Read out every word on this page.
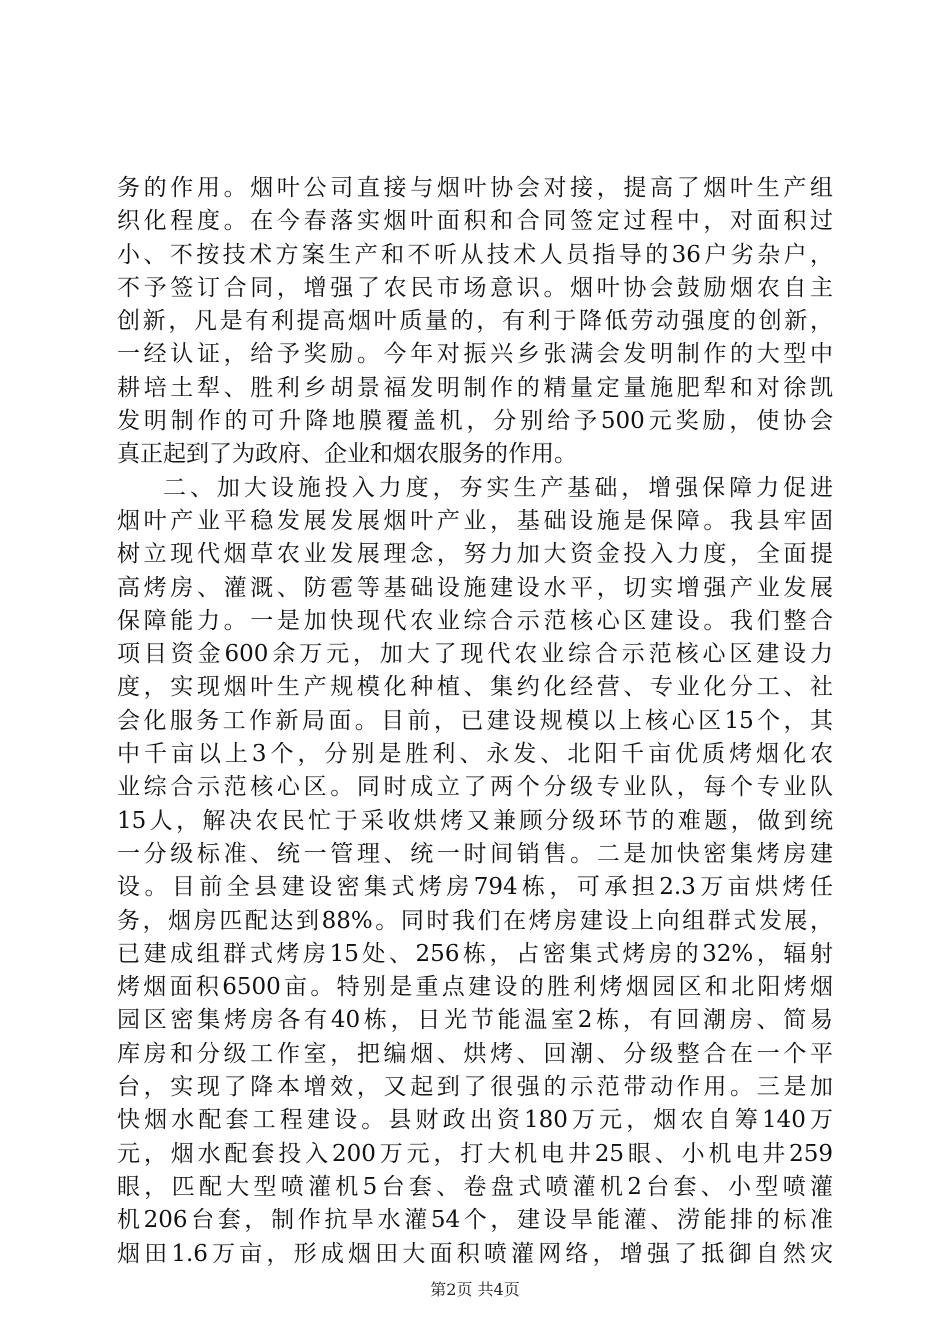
务的作用。烟叶公司直接与烟叶协会对接，提高了烟叶生产组
织化程度。在今春落实烟叶面积和合同签定过程中，对面积过
小、不按技术方案生产和不听从技术人员指导的36户劣杂户，
不予签订合同，增强了农民市场意识。烟叶协会鼓励烟农自主
创新，凡是有利提高烟叶质量的，有利于降低劳动强度的创新，
一经认证，给予奖励。今年对振兴乡张满会发明制作的大型中
耕培土犁、胜利乡胡景福发明制作的精量定量施肥犁和对徐凯
发明制作的可升降地膜覆盖机，分别给予500元奖励，使协会
真正起到了为政府、企业和烟农服务的作用。
二、加大设施投入力度，夯实生产基础，增强保障力促进
烟叶产业平稳发展发展烟叶产业，基础设施是保障。我县牢固
树立现代烟草农业发展理念，努力加大资金投入力度，全面提
高烤房、灌溉、防雹等基础设施建设水平，切实增强产业发展
保障能力。一是加快现代农业综合示范核心区建设。我们整合
项目资金600余万元，加大了现代农业综合示范核心区建设力
度，实现烟叶生产规模化种植、集约化经营、专业化分工、社
会化服务工作新局面。目前，已建设规模以上核心区15个，其
中千亩以上3个，分别是胜利、永发、北阳千亩优质烤烟化农
业综合示范核心区。同时成立了两个分级专业队，每个专业队
15人，解决农民忙于采收烘烤又兼顾分级环节的难题，做到统
一分级标准、统一管理、统一时间销售。二是加快密集烤房建
设。目前全县建设密集式烤房794栋，可承担2.3万亩烘烤任
务，烟房匹配达到88%。同时我们在烤房建设上向组群式发展，
已建成组群式烤房15处、256栋，占密集式烤房的32%，辐射
烤烟面积6500亩。特别是重点建设的胜利烤烟园区和北阳烤烟
园区密集烤房各有40栋，日光节能温室2栋，有回潮房、简易
库房和分级工作室，把编烟、烘烤、回潮、分级整合在一个平
台，实现了降本增效，又起到了很强的示范带动作用。三是加
快烟水配套工程建设。县财政出资180万元，烟农自筹140万
元，烟水配套投入200万元，打大机电井25眼、小机电井259
眼，匹配大型喷灌机5台套、卷盘式喷灌机2台套、小型喷灌
机206台套，制作抗旱水灌54个，建设旱能灌、涝能排的标准
烟田1.6万亩，形成烟田大面积喷灌网络，增强了抵御自然灾
第2页 共4页
